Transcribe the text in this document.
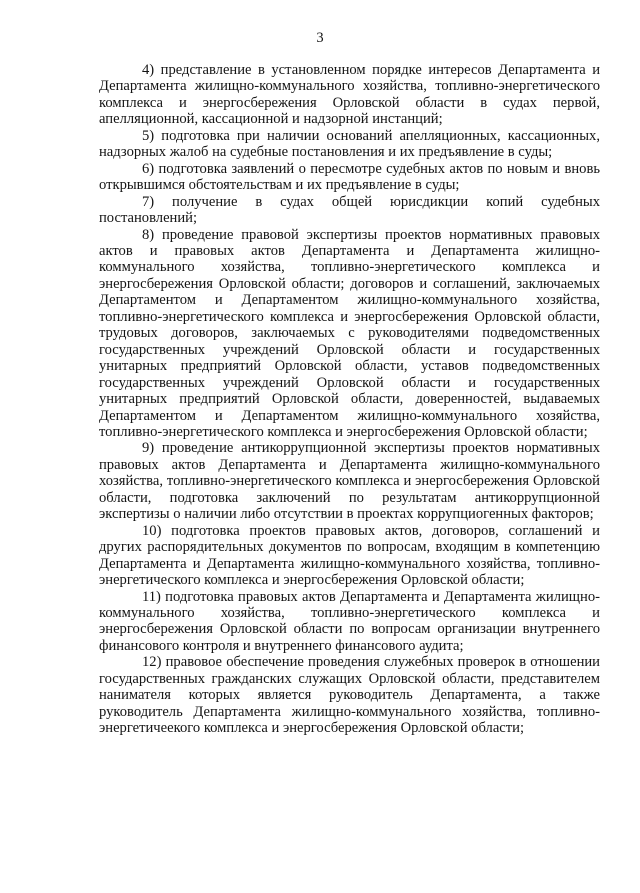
3

4) представление в установленном порядке интересов Департамента и Департамента жилищно-коммунального хозяйства, топливно-энергетического комплекса и энергосбережения Орловской области в судах первой, апелляционной, кассационной и надзорной инстанций;

5) подготовка при наличии оснований апелляционных, кассационных, надзорных жалоб на судебные постановления и их предъявление в суды;

6) подготовка заявлений о пересмотре судебных актов по новым и вновь открывшимся обстоятельствам и их предъявление в суды;

7) получение в судах общей юрисдикции копий судебных постановлений;

8) проведение правовой экспертизы проектов нормативных правовых актов и правовых актов Департамента и Департамента жилищно-коммунального хозяйства, топливно-энергетического комплекса и энергосбережения Орловской области; договоров и соглашений, заключаемых Департаментом и Департаментом жилищно-коммунального хозяйства, топливно-энергетического комплекса и энергосбережения Орловской области, трудовых договоров, заключаемых с руководителями подведомственных государственных учреждений Орловской области и государственных унитарных предприятий Орловской области, уставов подведомственных государственных учреждений Орловской области и государственных унитарных предприятий Орловской области, доверенностей, выдаваемых Департаментом и Департаментом жилищно-коммунального хозяйства, топливно-энергетического комплекса и энергосбережения Орловской области;

9) проведение антикоррупционной экспертизы проектов нормативных правовых актов Департамента и Департамента жилищно-коммунального хозяйства, топливно-энергетического комплекса и энергосбережения Орловской области, подготовка заключений по результатам антикоррупционной экспертизы о наличии либо отсутствии в проектах коррупциогенных факторов;

10) подготовка проектов правовых актов, договоров, соглашений и других распорядительных документов по вопросам, входящим в компетенцию Департамента и Департамента жилищно-коммунального хозяйства, топливно-энергетического комплекса и энергосбережения Орловской области;

11) подготовка правовых актов Департамента и Департамента жилищно-коммунального хозяйства, топливно-энергетического комплекса и энергосбережения Орловской области по вопросам организации внутреннего финансового контроля и внутреннего финансового аудита;

12) правовое обеспечение проведения служебных проверок в отношении государственных гражданских служащих Орловской области, представителем нанимателя которых является руководитель Департамента, а также руководитель Департамента жилищно-коммунального хозяйства, топливно-энергетичеекого комплекса и энергосбережения Орловской области;
